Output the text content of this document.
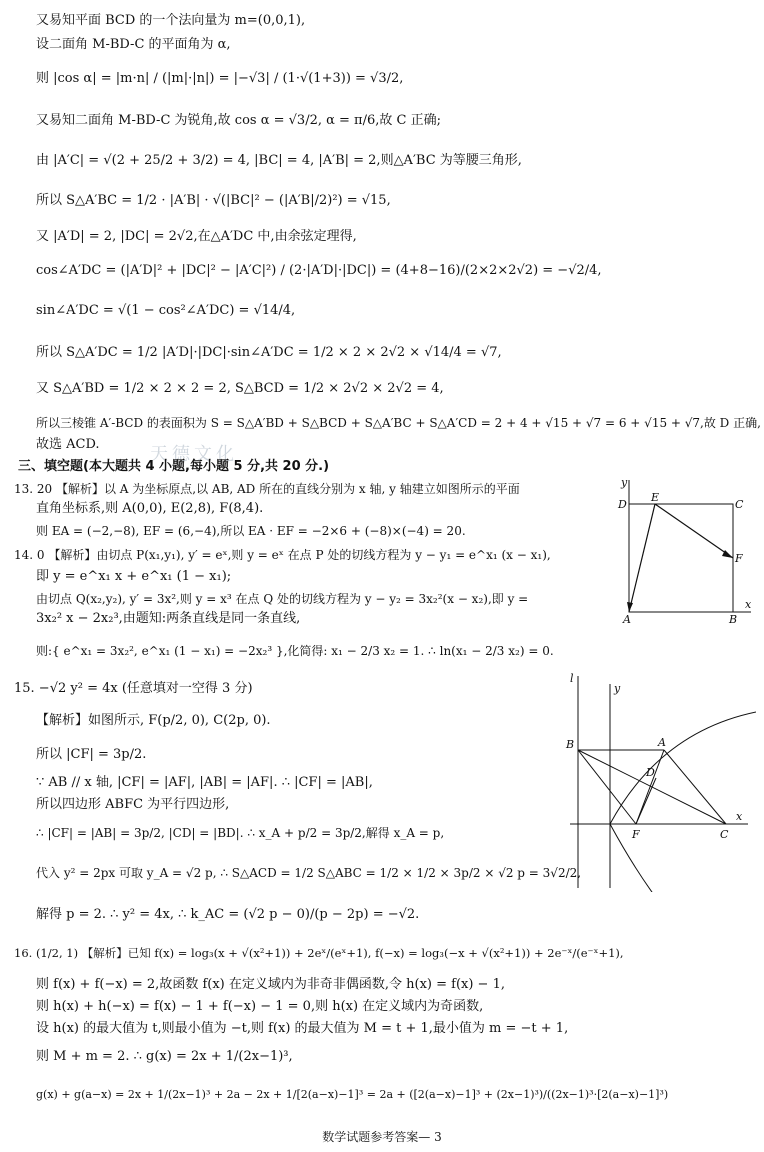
天德文化
又易知平面 BCD 的一个法向量为 m=(0,0,1),
设二面角 M-BD-C 的平面角为 α,
则 |cos α| = |m·n| / (|m|·|n|) = |−√3| / (1·√(1+3)) = √3/2,
又易知二面角 M-BD-C 为锐角,故 cos α = √3/2, α = π/6,故 C 正确;
由 |A′C| = √(2 + 25/2 + 3/2) = 4, |BC| = 4, |A′B| = 2,则△A′BC 为等腰三角形,
所以 S△A′BC = 1/2 · |A′B| · √(|BC|² − (|A′B|/2)²) = √15,
又 |A′D| = 2, |DC| = 2√2,在△A′DC 中,由余弦定理得,
cos∠A′DC = (|A′D|² + |DC|² − |A′C|²) / (2·|A′D|·|DC|) = (4+8−16)/(2×2×2√2) = −√2/4,
sin∠A′DC = √(1 − cos²∠A′DC) = √14/4,
所以 S△A′DC = 1/2 |A′D|·|DC|·sin∠A′DC = 1/2 × 2 × 2√2 × √14/4 = √7,
又 S△A′BD = 1/2 × 2 × 2 = 2, S△BCD = 1/2 × 2√2 × 2√2 = 4,
所以三棱锥 A′-BCD 的表面积为 S = S△A′BD + S△BCD + S△A′BC + S△A′CD = 2 + 4 + √15 + √7 = 6 + √15 + √7,故 D 正确,
故选 ACD.
三、填空题(本大题共 4 小题,每小题 5 分,共 20 分.)
13. 20 【解析】以 A 为坐标原点,以 AB, AD 所在的直线分别为 x 轴, y 轴建立如图所示的平面
直角坐标系,则 A(0,0), E(2,8), F(8,4).
则 EA = (−2,−8), EF = (6,−4),所以 EA · EF = −2×6 + (−8)×(−4) = 20.
14. 0 【解析】由切点 P(x₁,y₁), y′ = eˣ,则 y = eˣ 在点 P 处的切线方程为 y − y₁ = e^x₁ (x − x₁),
即 y = e^x₁ x + e^x₁ (1 − x₁);
由切点 Q(x₂,y₂), y′ = 3x²,则 y = x³ 在点 Q 处的切线方程为 y − y₂ = 3x₂²(x − x₂),即 y =
3x₂² x − 2x₂³,由题知:两条直线是同一条直线,
则:{ e^x₁ = 3x₂², e^x₁ (1 − x₁) = −2x₂³ },化简得: x₁ − 2/3 x₂ = 1. ∴ ln(x₁ − 2/3 x₂) = 0.
15. −√2 y² = 4x (任意填对一空得 3 分)
【解析】如图所示, F(p/2, 0), C(2p, 0).
所以 |CF| = 3p/2.
∵ AB // x 轴, |CF| = |AF|, |AB| = |AF|. ∴ |CF| = |AB|,
所以四边形 ABFC 为平行四边形,
∴ |CF| = |AB| = 3p/2, |CD| = |BD|. ∴ x_A + p/2 = 3p/2,解得 x_A = p,
代入 y² = 2px 可取 y_A = √2 p, ∴ S△ACD = 1/2 S△ABC = 1/2 × 1/2 × 3p/2 × √2 p = 3√2/2,
解得 p = 2. ∴ y² = 4x, ∴ k_AC = (√2 p − 0)/(p − 2p) = −√2.
16. (1/2, 1) 【解析】已知 f(x) = log₃(x + √(x²+1)) + 2eˣ/(eˣ+1), f(−x) = log₃(−x + √(x²+1)) + 2e⁻ˣ/(e⁻ˣ+1),
则 f(x) + f(−x) = 2,故函数 f(x) 在定义域内为非奇非偶函数,令 h(x) = f(x) − 1,
则 h(x) + h(−x) = f(x) − 1 + f(−x) − 1 = 0,则 h(x) 在定义域内为奇函数,
设 h(x) 的最大值为 t,则最小值为 −t,则 f(x) 的最大值为 M = t + 1,最小值为 m = −t + 1,
则 M + m = 2. ∴ g(x) = 2x + 1/(2x−1)³,
g(x) + g(a−x) = 2x + 1/(2x−1)³ + 2a − 2x + 1/[2(a−x)−1]³ = 2a + ([2(a−x)−1]³ + (2x−1)³)/((2x−1)³·[2(a−x)−1]³)
y
D
E
C
F
A	B
x
l
y
B	A
D
F	C
x
数学试题参考答案— 3
